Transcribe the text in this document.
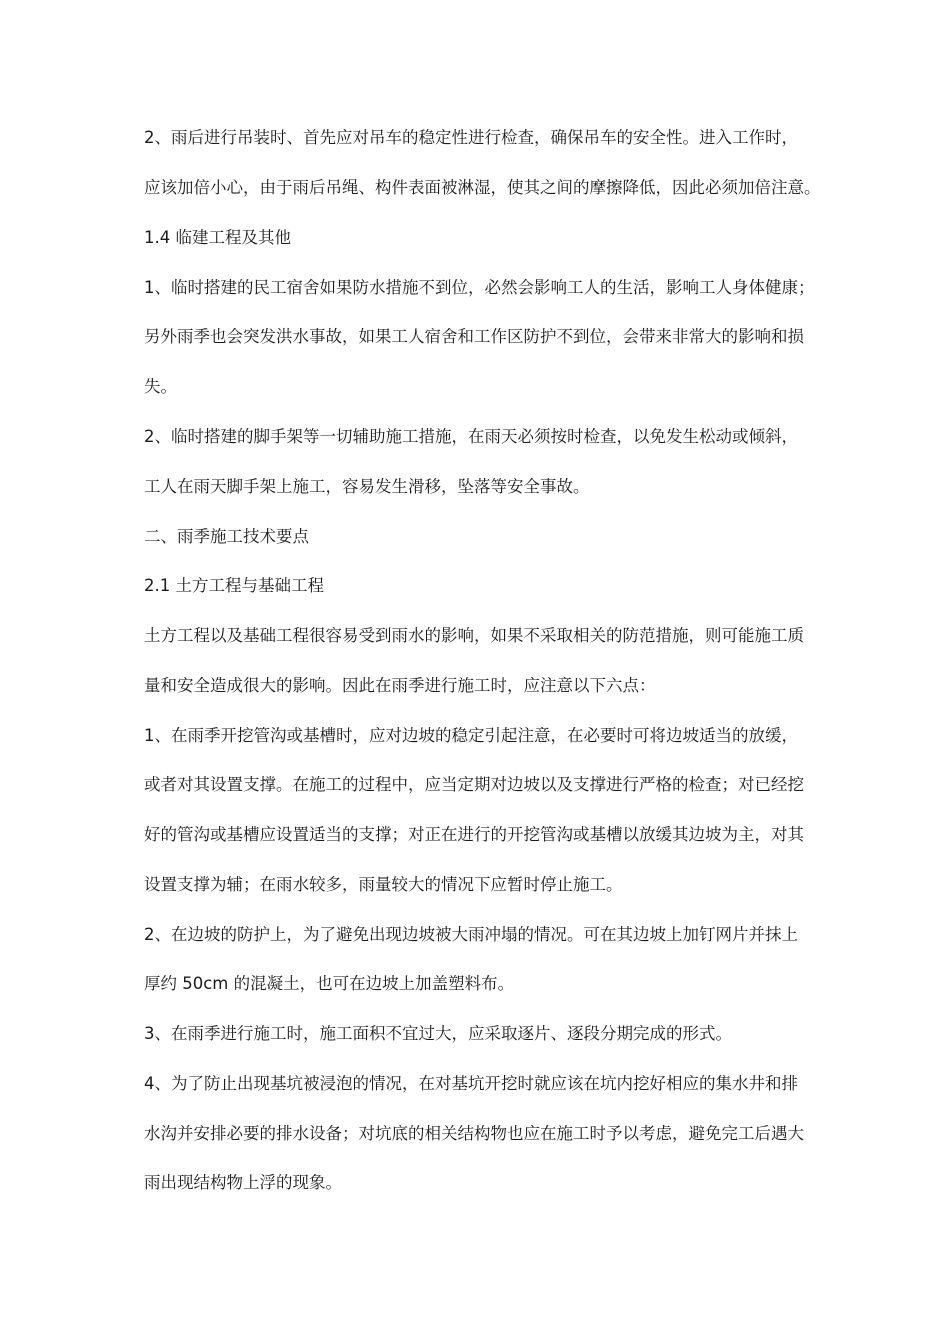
2、雨后进行吊装时、首先应对吊车的稳定性进行检查，确保吊车的安全性。进入工作时，
应该加倍小心，由于雨后吊绳、构件表面被淋湿，使其之间的摩擦降低，因此必须加倍注意。
1.4 临建工程及其他
1、临时搭建的民工宿舍如果防水措施不到位，必然会影响工人的生活，影响工人身体健康；
另外雨季也会突发洪水事故，如果工人宿舍和工作区防护不到位，会带来非常大的影响和损
失。
2、临时搭建的脚手架等一切辅助施工措施，在雨天必须按时检查，以免发生松动或倾斜，
工人在雨天脚手架上施工，容易发生滑移，坠落等安全事故。
二、雨季施工技术要点
2.1 土方工程与基础工程
土方工程以及基础工程很容易受到雨水的影响，如果不采取相关的防范措施，则可能施工质
量和安全造成很大的影响。因此在雨季进行施工时，应注意以下六点：
1、在雨季开挖管沟或基槽时，应对边坡的稳定引起注意，在必要时可将边坡适当的放缓，
或者对其设置支撑。在施工的过程中，应当定期对边坡以及支撑进行严格的检查；对已经挖
好的管沟或基槽应设置适当的支撑；对正在进行的开挖管沟或基槽以放缓其边坡为主，对其
设置支撑为辅；在雨水较多，雨量较大的情况下应暂时停止施工。
2、在边坡的防护上，为了避免出现边坡被大雨冲塌的情况。可在其边坡上加钉网片并抹上
厚约 50cm 的混凝土，也可在边坡上加盖塑料布。
3、在雨季进行施工时，施工面积不宜过大，应采取逐片、逐段分期完成的形式。
4、为了防止出现基坑被浸泡的情况，在对基坑开挖时就应该在坑内挖好相应的集水井和排
水沟并安排必要的排水设备；对坑底的相关结构物也应在施工时予以考虑，避免完工后遇大
雨出现结构物上浮的现象。
